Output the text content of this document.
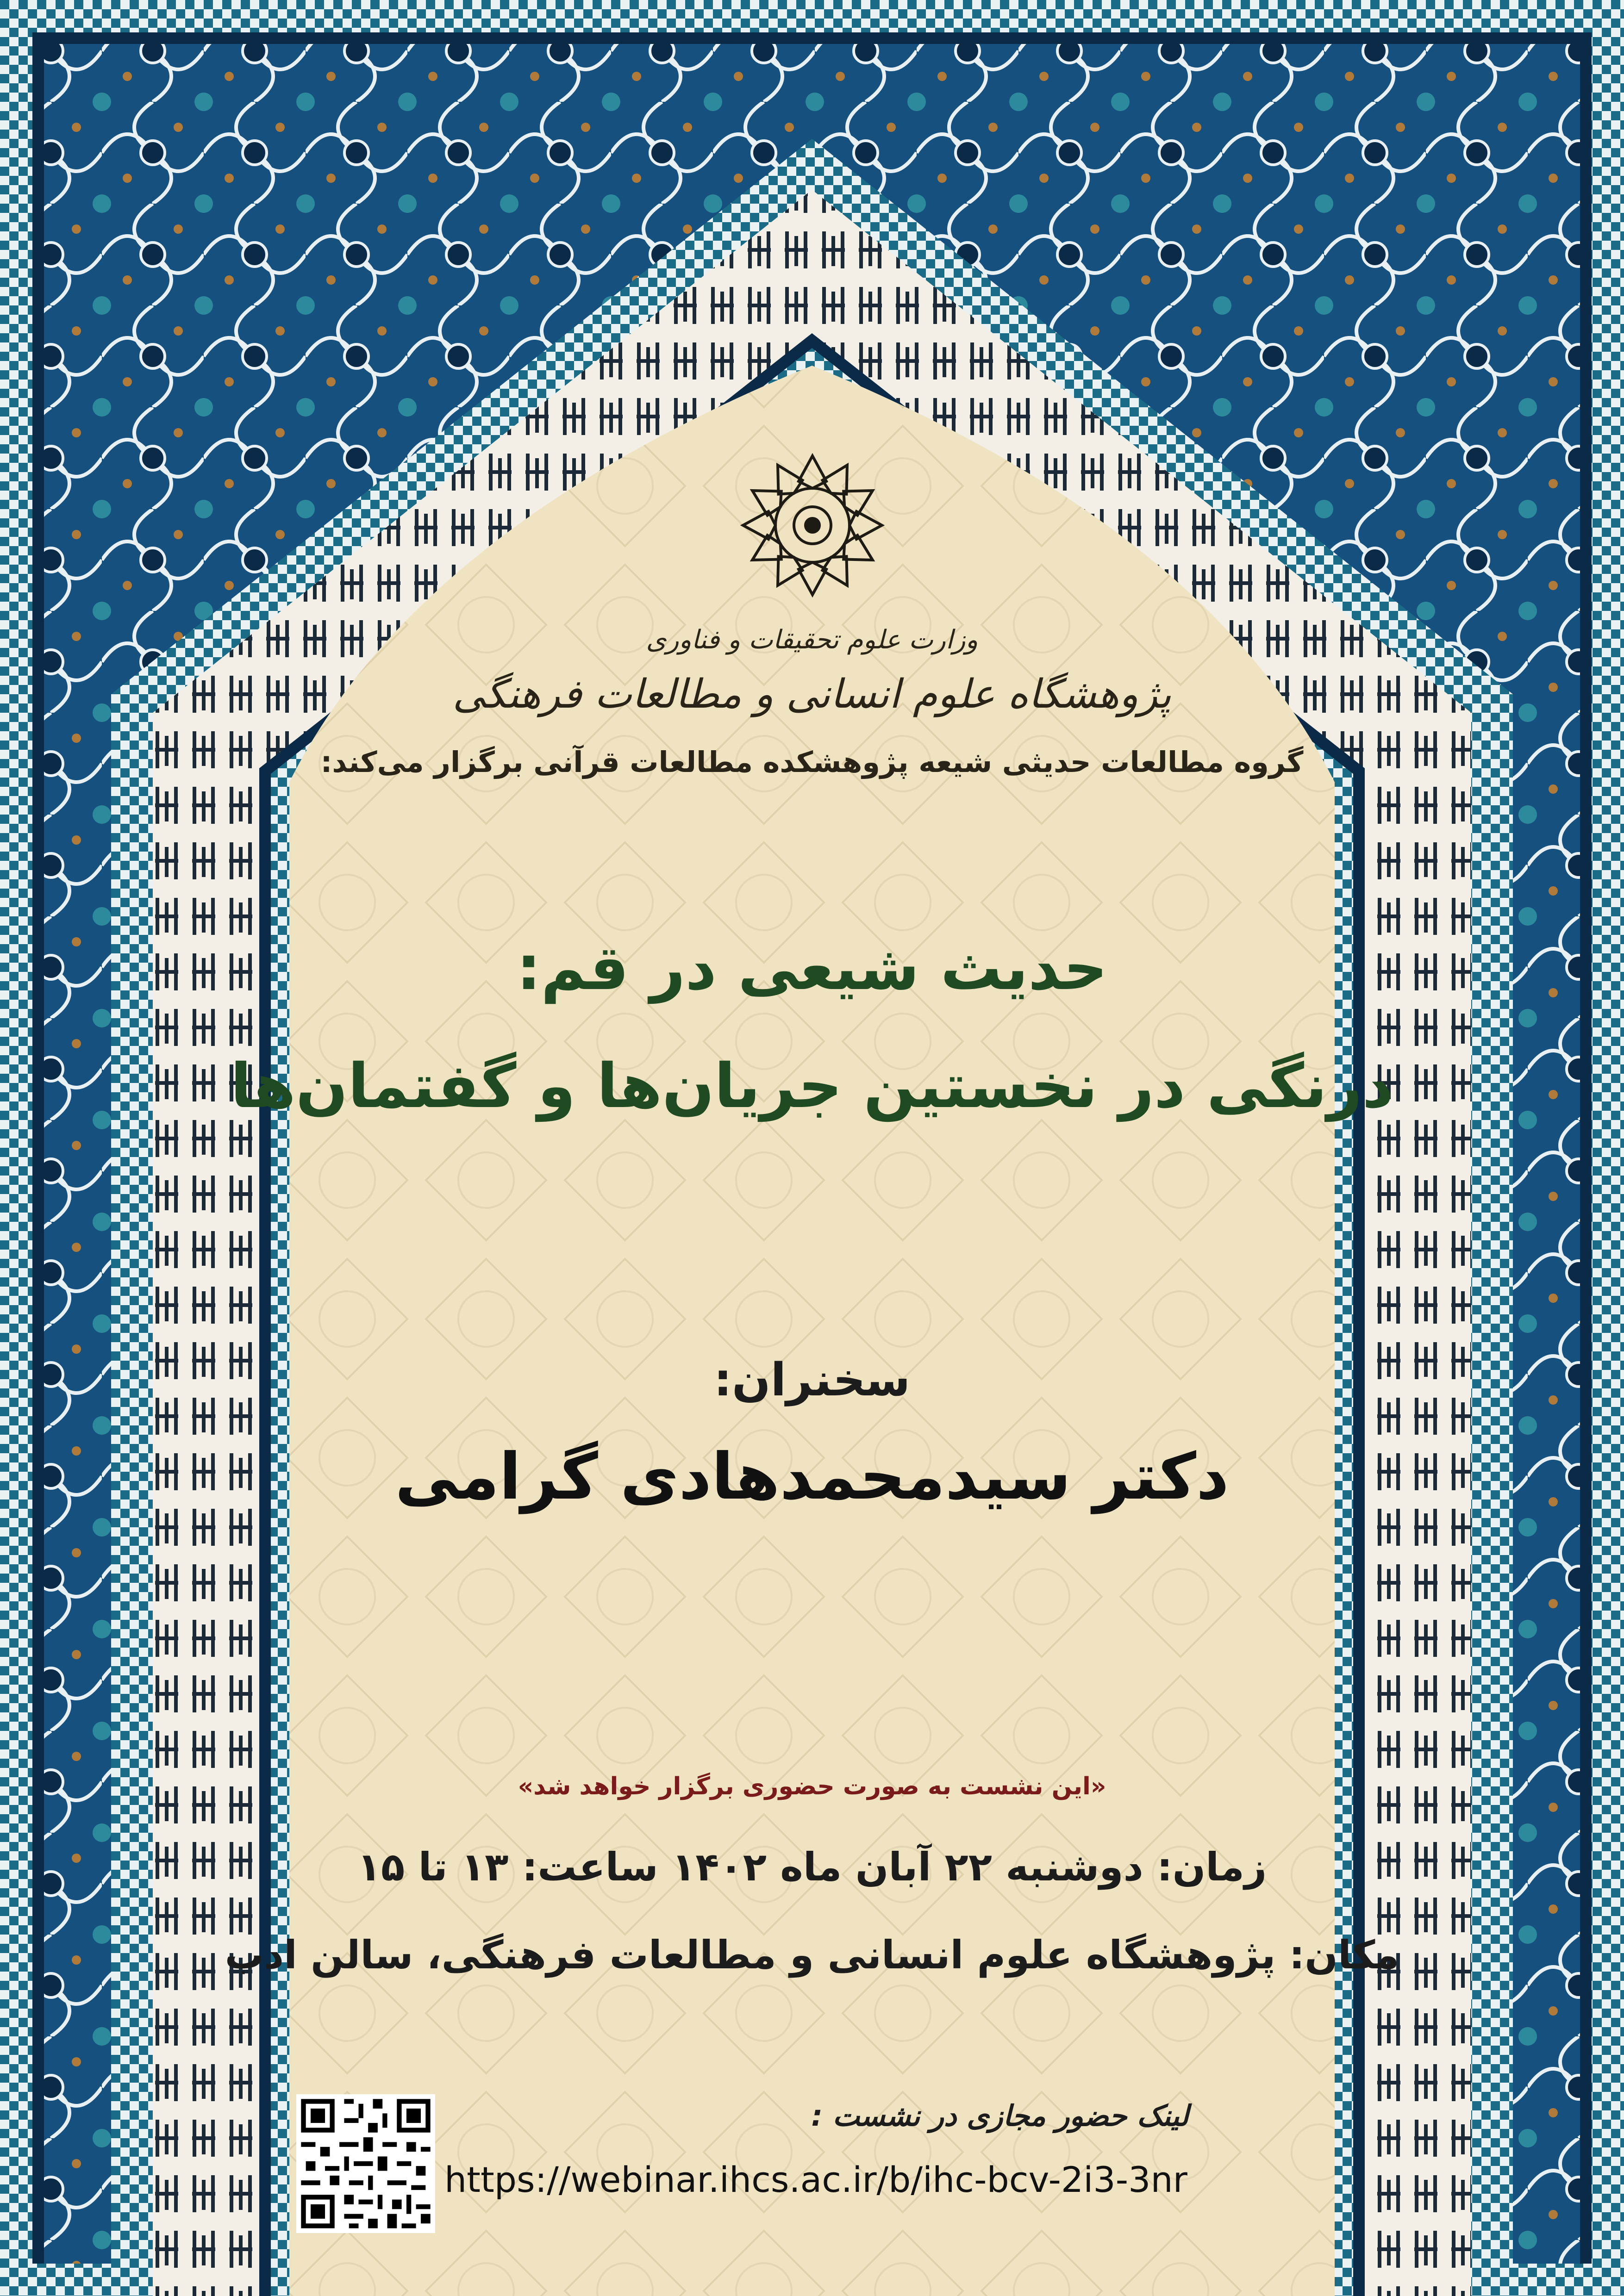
وزارت علوم تحقیقات و فناوری
پژوهشگاه علوم انسانی و مطالعات فرهنگی
گروه مطالعات حدیثی شیعه پژوهشکده مطالعات قرآنی برگزار می‌کند:
حدیث شیعی در قم:
درنگی در نخستین جریان‌ها و گفتمان‌ها
سخنران:
دکتر سیدمحمدهادی گرامی
«این نشست به صورت حضوری برگزار خواهد شد»
زمان: دوشنبه ۲۲ آبان ماه ۱۴۰۲ ساعت: ۱۳ تا ۱۵
مکان: پژوهشگاه علوم انسانی و مطالعات فرهنگی، سالن ادب
لینک حضور مجازی در نشست :
https://webinar.ihcs.ac.ir/b/ihc-bcv-2i3-3nr
